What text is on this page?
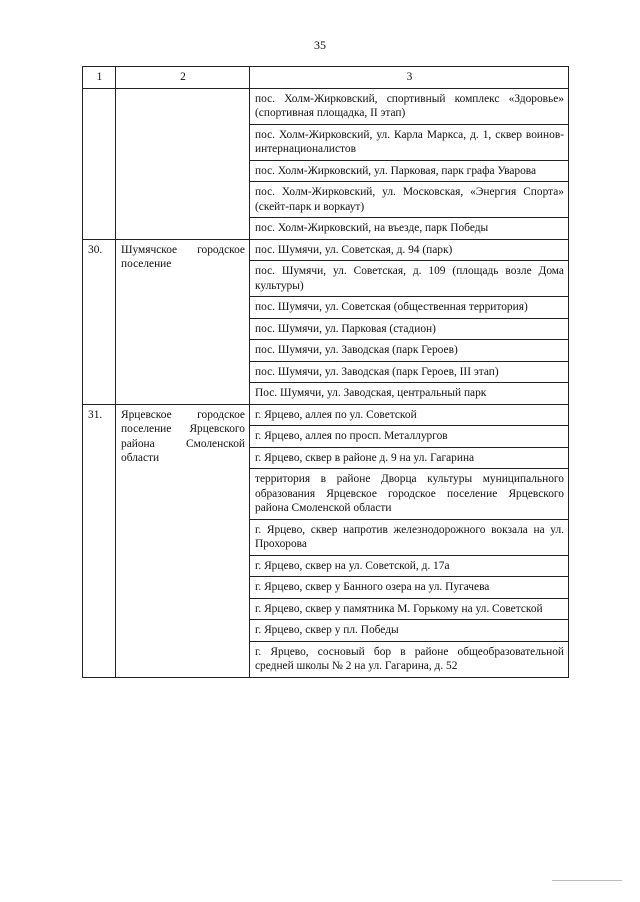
35
1	2	3
		пос. Холм-Жирковский, спортивный комплекс «Здоровье» (спортивная площадка, II этап)
		пос. Холм-Жирковский, ул. Карла Маркса, д. 1, сквер воинов-интернационалистов
		пос. Холм-Жирковский, ул. Парковая, парк графа Уварова
		пос. Холм-Жирковский, ул. Московская, «Энергия Спорта» (скейт-парк и воркаут)
		пос. Холм-Жирковский, на въезде, парк Победы
30.	Шумячское городское поселение	пос. Шумячи, ул. Советская, д. 94 (парк)
		пос. Шумячи, ул. Советская, д. 109 (площадь возле Дома культуры)
		пос. Шумячи, ул. Советская (общественная территория)
		пос. Шумячи, ул. Парковая (стадион)
		пос. Шумячи, ул. Заводская (парк Героев)
		пос. Шумячи, ул. Заводская (парк Героев, III этап)
		Пос. Шумячи, ул. Заводская, центральный парк
31.	Ярцевское городское поселение Ярцевского района Смоленской области	г. Ярцево, аллея по ул. Советской
		г. Ярцево, аллея по просп. Металлургов
		г. Ярцево, сквер в районе д. 9 на ул. Гагарина
		территория в районе Дворца культуры муниципального образования Ярцевское городское поселение Ярцевского района Смоленской области
		г. Ярцево, сквер напротив железнодорожного вокзала на ул. Прохорова
		г. Ярцево, сквер на ул. Советской, д. 17а
		г. Ярцево, сквер у Банного озера на ул. Пугачева
		г. Ярцево, сквер у памятника М. Горькому на ул. Советской
		г. Ярцево, сквер у пл. Победы
		г. Ярцево, сосновый бор в районе общеобразовательной средней школы № 2 на ул. Гагарина, д. 52
